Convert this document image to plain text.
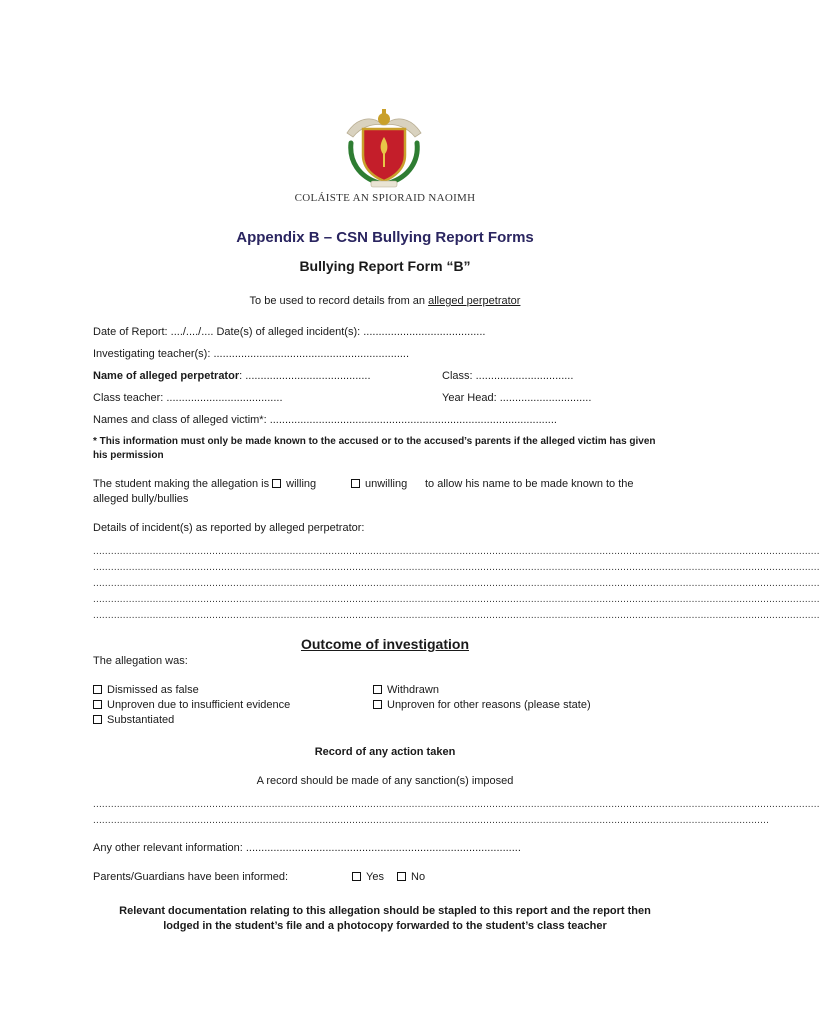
COLÁISTE AN SPIORAID NAOIMH
Appendix B – CSN Bullying Report Forms
Bullying Report Form “B”
To be used to record details from an alleged perpetrator
Date of Report: ..../..../.... Date(s) of alleged incident(s): ........................................
Investigating teacher(s): ................................................................
Name of alleged perpetrator: .........................................	Class: ................................
Class teacher: ......................................	Year Head: ..............................
Names and class of alleged victim*: ..............................................................................................
* This information must only be made known to the accused or to the accused’s parents if the alleged victim has given
his permission
The student making the allegation is willing	unwilling to allow his name to be made known to the
alleged bully/bullies
Details of incident(s) as reported by alleged perpetrator:
....................................................................................................................................................................................................................................................
....................................................................................................................................................................................................................................................
....................................................................................................................................................................................................................................................
....................................................................................................................................................................................................................................................
....................................................................................................................................................................................................................................................
Outcome of investigation
The allegation was:
Dismissed as false
Unproven due to insufficient evidence
Substantiated
Withdrawn
Unproven for other reasons (please state)
Record of any action taken
A record should be made of any sanction(s) imposed
....................................................................................................................................................................................................................................................
...................................................................................................................................................................................................................................
Any other relevant information: ..........................................................................................
Parents/Guardians have been informed:	Yes	No
Relevant documentation relating to this allegation should be stapled to this report and the report then
lodged in the student’s file and a photocopy forwarded to the student’s class teacher
